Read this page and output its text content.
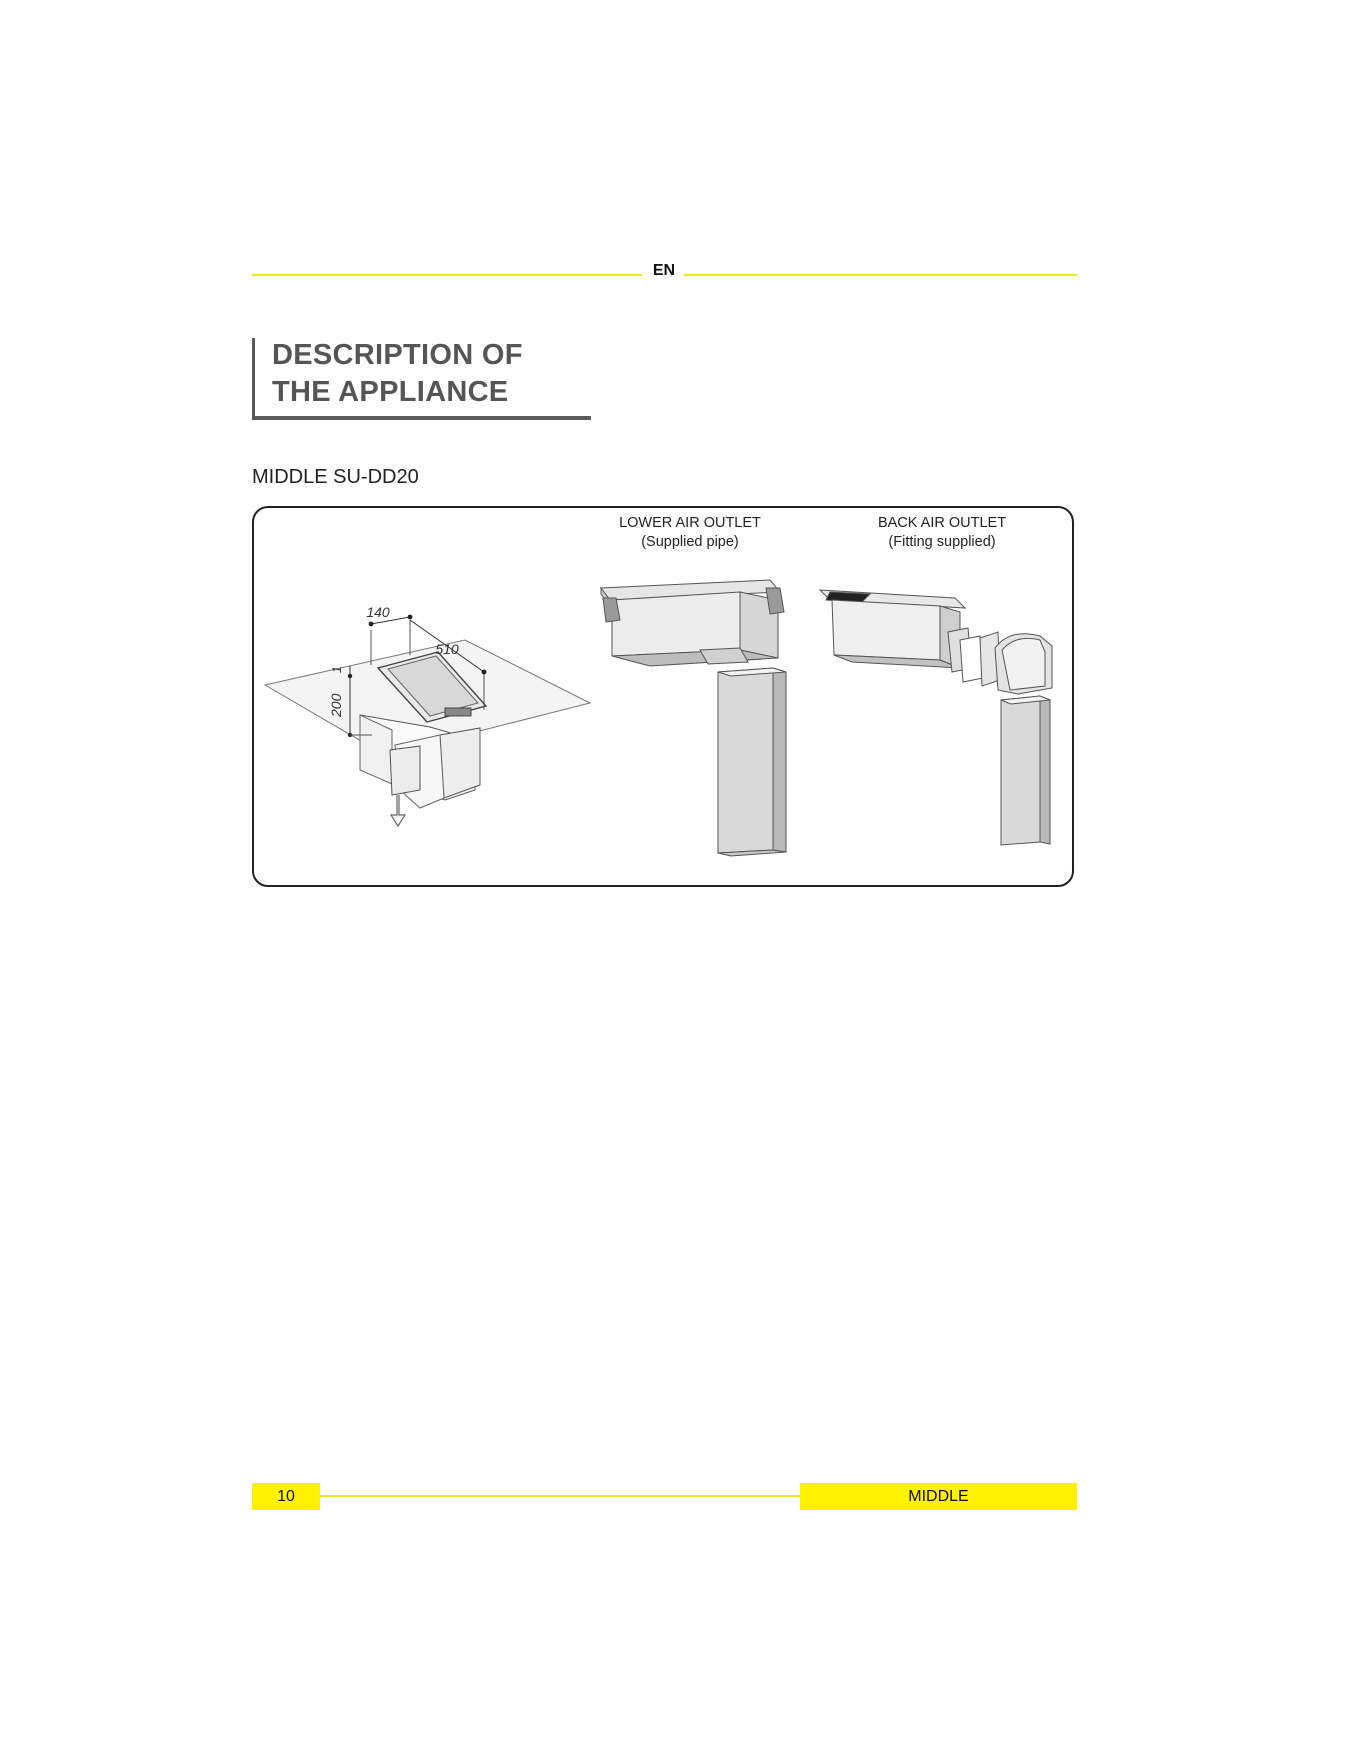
EN
DESCRIPTION OF
THE APPLIANCE
MIDDLE SU-DD20
LOWER AIR OUTLET
(Supplied pipe)
BACK AIR OUTLET
(Fitting supplied)
140
510
200
1
10	MIDDLE
